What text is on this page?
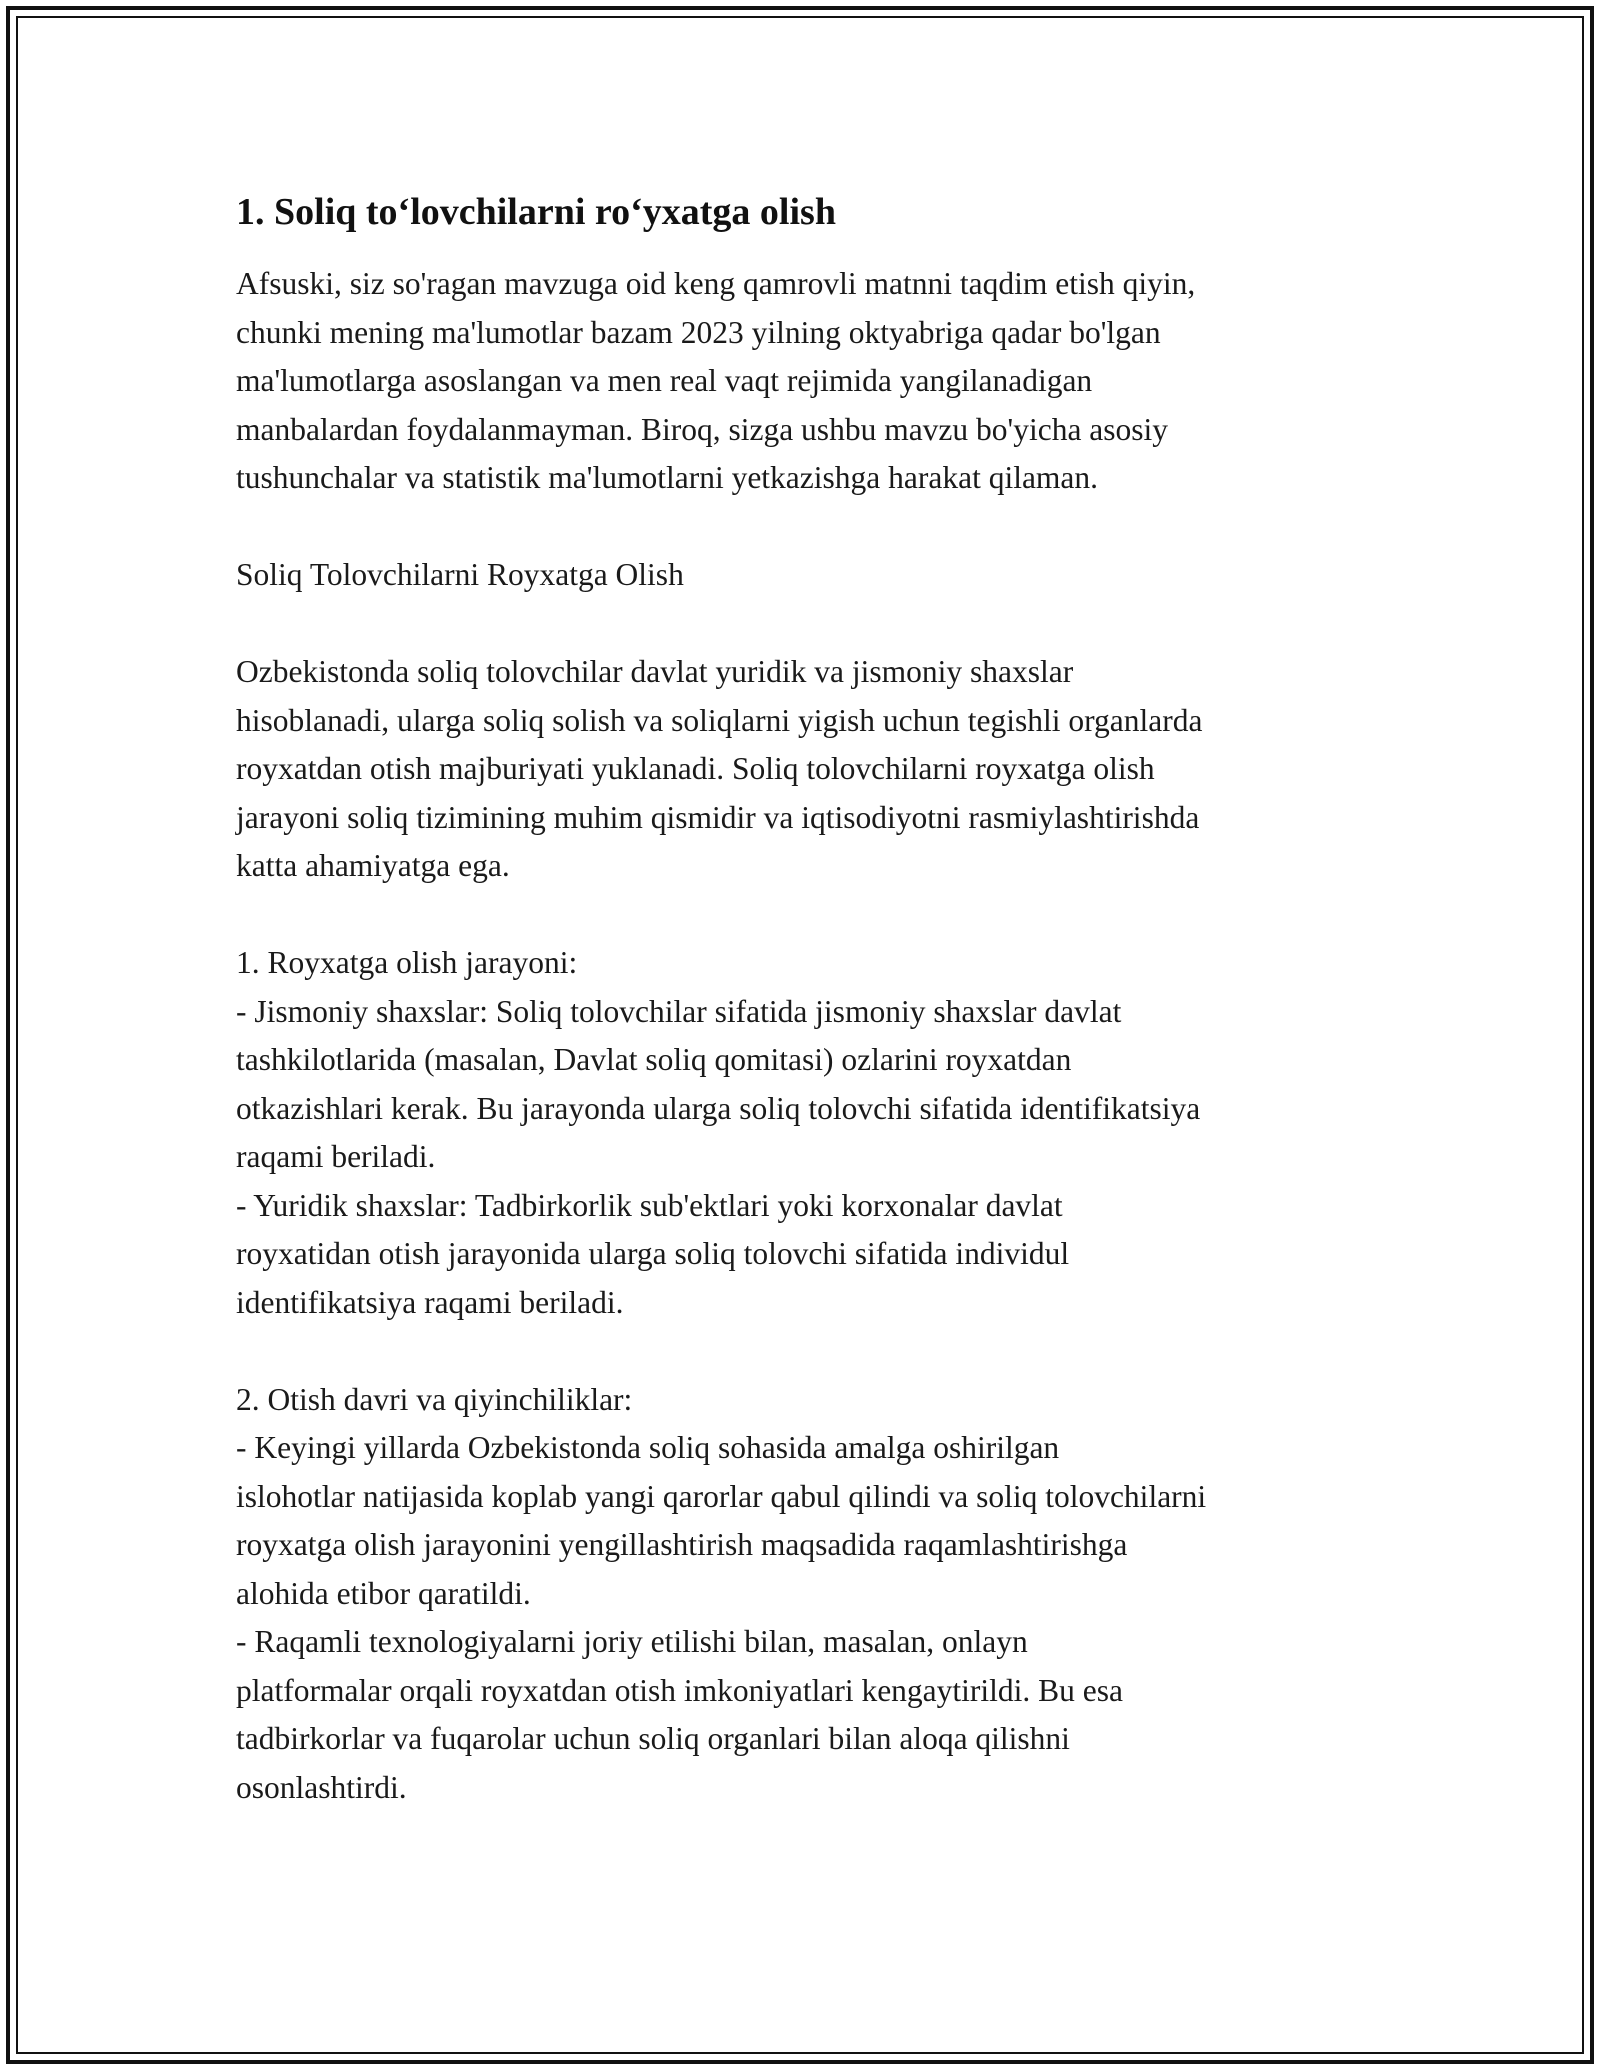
1. Soliq to‘lovchilarni ro‘yxatga olish

Afsuski, siz so'ragan mavzuga oid keng qamrovli matnni taqdim etish qiyin,
chunki mening ma'lumotlar bazam 2023 yilning oktyabriga qadar bo'lgan
ma'lumotlarga asoslangan va men real vaqt rejimida yangilanadigan
manbalardan foydalanmayman. Biroq, sizga ushbu mavzu bo'yicha asosiy
tushunchalar va statistik ma'lumotlarni yetkazishga harakat qilaman.

Soliq Tolovchilarni Royxatga Olish

Ozbekistonda soliq tolovchilar davlat yuridik va jismoniy shaxslar
hisoblanadi, ularga soliq solish va soliqlarni yigish uchun tegishli organlarda
royxatdan otish majburiyati yuklanadi. Soliq tolovchilarni royxatga olish
jarayoni soliq tizimining muhim qismidir va iqtisodiyotni rasmiylashtirishda
katta ahamiyatga ega.

1. Royxatga olish jarayoni:
- Jismoniy shaxslar: Soliq tolovchilar sifatida jismoniy shaxslar davlat
tashkilotlarida (masalan, Davlat soliq qomitasi) ozlarini royxatdan
otkazishlari kerak. Bu jarayonda ularga soliq tolovchi sifatida identifikatsiya
raqami beriladi.
- Yuridik shaxslar: Tadbirkorlik sub'ektlari yoki korxonalar davlat
royxatidan otish jarayonida ularga soliq tolovchi sifatida individul
identifikatsiya raqami beriladi.

2. Otish davri va qiyinchiliklar:
- Keyingi yillarda Ozbekistonda soliq sohasida amalga oshirilgan
islohotlar natijasida koplab yangi qarorlar qabul qilindi va soliq tolovchilarni
royxatga olish jarayonini yengillashtirish maqsadida raqamlashtirishga
alohida etibor qaratildi.
- Raqamli texnologiyalarni joriy etilishi bilan, masalan, onlayn
platformalar orqali royxatdan otish imkoniyatlari kengaytirildi. Bu esa
tadbirkorlar va fuqarolar uchun soliq organlari bilan aloqa qilishni
osonlashtirdi.
